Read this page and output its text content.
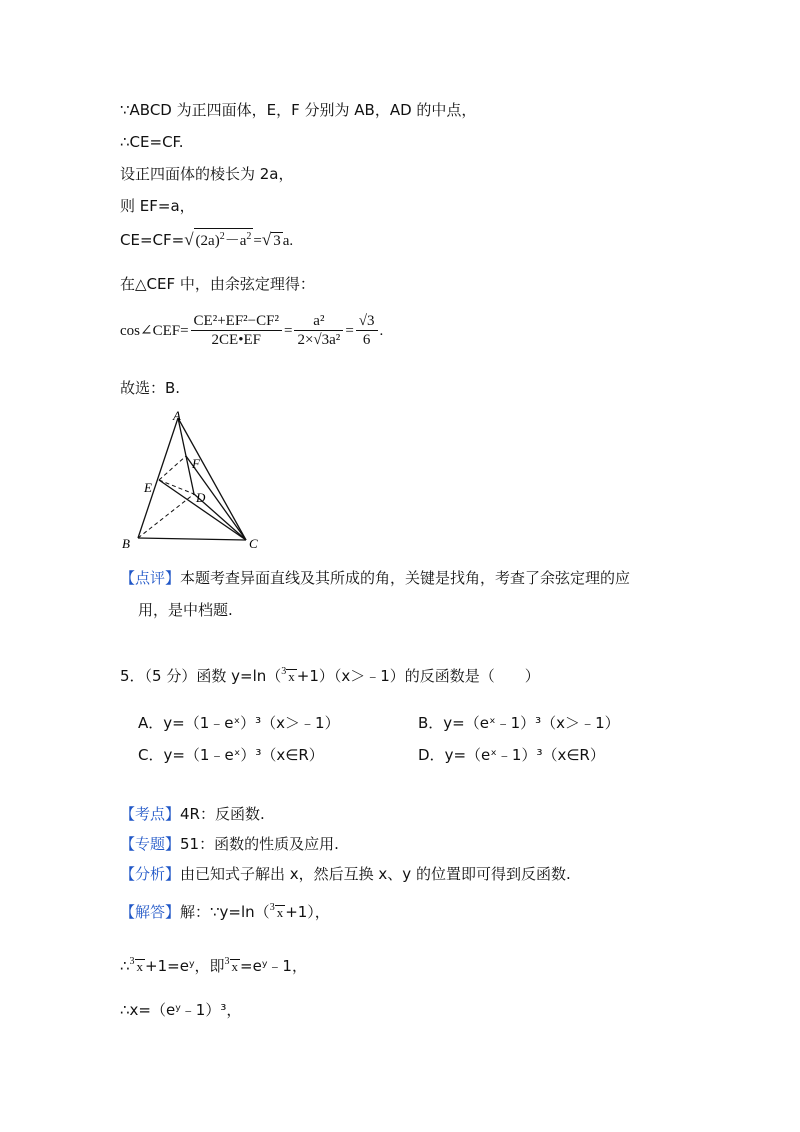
∵ABCD 为正四面体，E，F 分别为 AB，AD 的中点，
∴CE=CF.
设正四面体的棱长为 2a，
则 EF=a，
CE=CF=√ $(2a)^2-a^2$ =√ 3 a.
在△CEF 中，由余弦定理得：
cos∠CEF= $\frac{\text{CE²+EF²−CF²}}{2CE•EF} = \frac{\text{a²}}{\text{2×√3a²}} = \frac{√3}{6}$ .
故选：B.
A
B	C
D
E
F
【点评】本题考查异面直线及其所成的角，关键是找角，考查了余弦定理的应
用，是中档题.
5．（5 分）函数 y=ln（$^3$ x +1）（x＞﹣1）的反函数是（　　）
A．y=（1﹣eˣ）³（x＞﹣1）	B．y=（eˣ﹣1）³（x＞﹣1）
C．y=（1﹣eˣ）³（x∈R）	D．y=（eˣ﹣1）³（x∈R）
【考点】4R：反函数.
【专题】51：函数的性质及应用.
【分析】由已知式子解出 x，然后互换 x、y 的位置即可得到反函数.
【解答】解：∵y=ln（$^3$ x +1），
∴$^3$ x +1=eʸ，即$^3$ x =eʸ﹣1，
∴x=（eʸ﹣1）³，
